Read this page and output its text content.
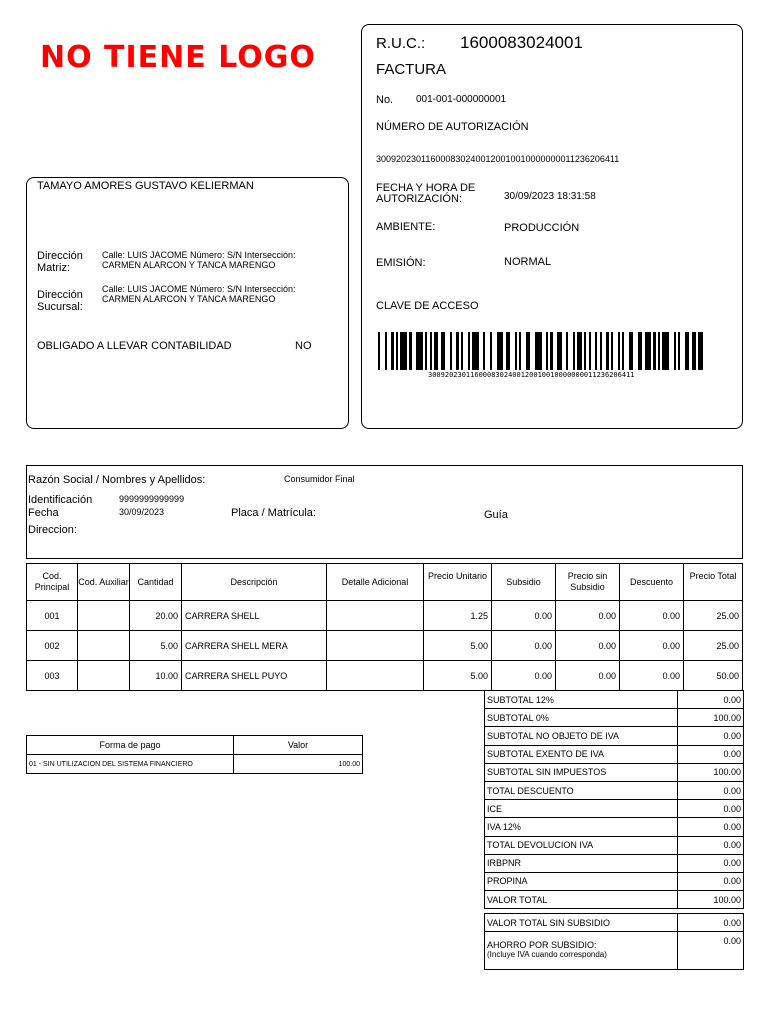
NO TIENE LOGO
TAMAYO AMORES GUSTAVO KELIERMAN
Dirección Matriz:
Calle: LUIS JACOME Número: S/N Intersección: CARMEN ALARCON Y TANCA MARENGO
Dirección Sucursal:
Calle: LUIS JACOME Número: S/N Intersección: CARMEN ALARCON Y TANCA MARENGO
OBLIGADO A LLEVAR CONTABILIDAD	NO
R.U.C.: 1600083024001
FACTURA
No. 001-001-000000001
NÚMERO DE AUTORIZACIÓN
3009202301160008302400120010010000000011236206411
FECHA Y HORA DE AUTORIZACIÓN:	30/09/2023 18:31:58
AMBIENTE:	PRODUCCIÓN
EMISIÓN:	NORMAL
CLAVE DE ACCESO
3009202301160008302400120010010000000011236206411
Razón Social / Nombres y Apellidos:	Consumidor Final
Identificación	9999999999999
Fecha	30/09/2023	Placa / Matrícula:	Guía
Direccion:
Cod. Principal	Cod. Auxiliar	Cantidad	Descripción	Detalle Adicional	Precio Unitario	Subsidio	Precio sin Subsidio	Descuento	Precio Total
001		20.00	CARRERA SHELL		1.25	0.00	0.00	0.00	25.00
002		5.00	CARRERA SHELL MERA		5.00	0.00	0.00	0.00	25.00
003		10.00	CARRERA SHELL PUYO		5.00	0.00	0.00	0.00	50.00
Forma de pago	Valor
01 - SIN UTILIZACION DEL SISTEMA FINANCIERO	100.00
SUBTOTAL 12%	0.00
SUBTOTAL 0%	100.00
SUBTOTAL NO OBJETO DE IVA	0.00
SUBTOTAL EXENTO DE IVA	0.00
SUBTOTAL SIN IMPUESTOS	100.00
TOTAL DESCUENTO	0.00
ICE	0.00
IVA 12%	0.00
TOTAL DEVOLUCION IVA	0.00
IRBPNR	0.00
PROPINA	0.00
VALOR TOTAL	100.00
VALOR TOTAL SIN SUBSIDIO	0.00

AHORRO POR SUBSIDIO:
(Incluye IVA cuando corresponda)	0.00
